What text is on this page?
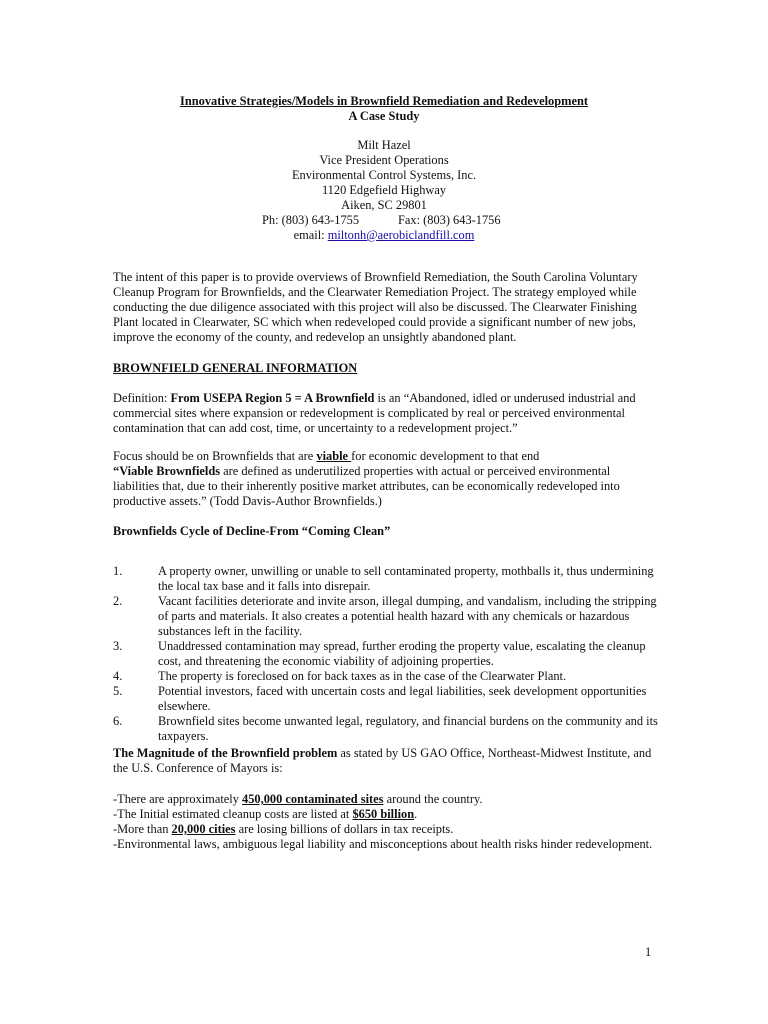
Innovative Strategies/Models in Brownfield Remediation and Redevelopment
A Case Study
Milt Hazel
Vice President Operations
Environmental Control Systems, Inc.
1120 Edgefield Highway
Aiken, SC 29801
Ph: (803) 643-1755	Fax: (803) 643-1756
email: miltonh@aerobiclandfill.com
The intent of this paper is to provide overviews of Brownfield Remediation, the South Carolina Voluntary Cleanup Program for Brownfields, and the Clearwater Remediation Project. The strategy employed while conducting the due diligence associated with this project will also be discussed. The Clearwater Finishing Plant located in Clearwater, SC which when redeveloped could provide a significant number of new jobs, improve the economy of the county, and redevelop an unsightly abandoned plant.
BROWNFIELD GENERAL INFORMATION
Definition: From USEPA Region 5 = A Brownfield is an “Abandoned, idled or underused industrial and commercial sites where expansion or redevelopment is complicated by real or perceived environmental contamination that can add cost, time, or uncertainty to a redevelopment project.”
Focus should be on Brownfields that are viable for economic development to that end
“Viable Brownfields are defined as underutilized properties with actual or perceived environmental liabilities that, due to their inherently positive market attributes, can be economically redeveloped into productive assets.” (Todd Davis-Author Brownfields.)
Brownfields Cycle of Decline-From “Coming Clean”
1.	A property owner, unwilling or unable to sell contaminated property, mothballs it, thus undermining the local tax base and it falls into disrepair.
2.	Vacant facilities deteriorate and invite arson, illegal dumping, and vandalism, including the stripping of parts and materials. It also creates a potential health hazard with any chemicals or hazardous substances left in the facility.
3.	Unaddressed contamination may spread, further eroding the property value, escalating the cleanup cost, and threatening the economic viability of adjoining properties.
4.	The property is foreclosed on for back taxes as in the case of the Clearwater Plant.
5.	Potential investors, faced with uncertain costs and legal liabilities, seek development opportunities elsewhere.
6.	Brownfield sites become unwanted legal, regulatory, and financial burdens on the community and its taxpayers.
The Magnitude of the Brownfield problem as stated by US GAO Office, Northeast-Midwest Institute, and the U.S. Conference of Mayors is:
-There are approximately 450,000 contaminated sites around the country.
-The Initial estimated cleanup costs are listed at $650 billion.
-More than 20,000 cities are losing billions of dollars in tax receipts.
-Environmental laws, ambiguous legal liability and misconceptions about health risks hinder redevelopment.
1
